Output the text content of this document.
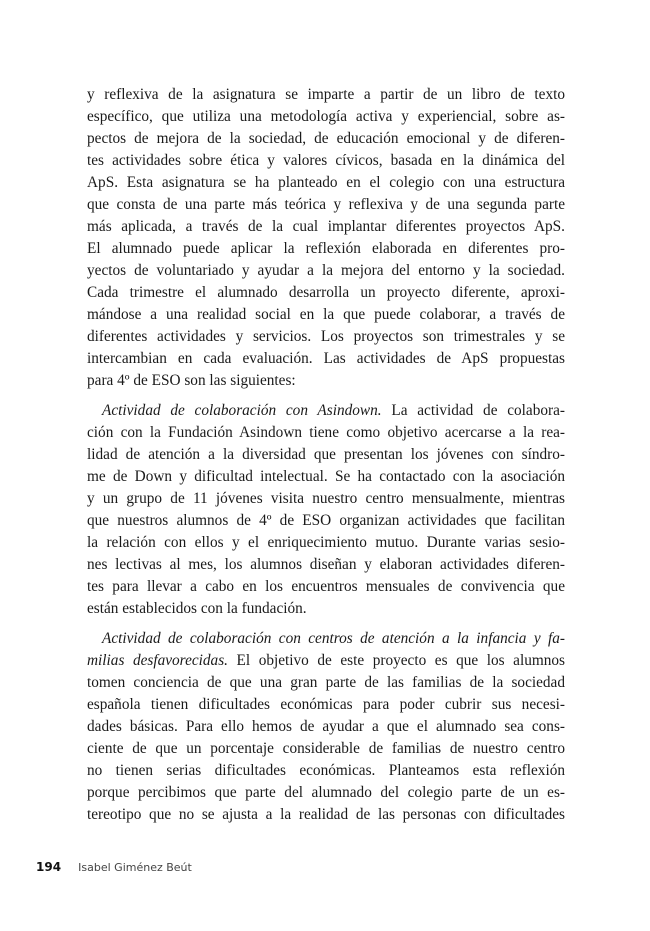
y reflexiva de la asignatura se imparte a partir de un libro de texto
específico, que utiliza una metodología activa y experiencial, sobre as-
pectos de mejora de la sociedad, de educación emocional y de diferen-
tes actividades sobre ética y valores cívicos, basada en la dinámica del
ApS. Esta asignatura se ha planteado en el colegio con una estructura
que consta de una parte más teórica y reflexiva y de una segunda parte
más aplicada, a través de la cual implantar diferentes proyectos ApS.
El alumnado puede aplicar la reflexión elaborada en diferentes pro-
yectos de voluntariado y ayudar a la mejora del entorno y la sociedad.
Cada trimestre el alumnado desarrolla un proyecto diferente, aproxi-
mándose a una realidad social en la que puede colaborar, a través de
diferentes actividades y servicios. Los proyectos son trimestrales y se
intercambian en cada evaluación. Las actividades de ApS propuestas
para 4º de ESO son las siguientes:
Actividad de colaboración con Asindown. La actividad de colabora-
ción con la Fundación Asindown tiene como objetivo acercarse a la rea-
lidad de atención a la diversidad que presentan los jóvenes con síndro-
me de Down y dificultad intelectual. Se ha contactado con la asociación
y un grupo de 11 jóvenes visita nuestro centro mensualmente, mientras
que nuestros alumnos de 4º de ESO organizan actividades que facilitan
la relación con ellos y el enriquecimiento mutuo. Durante varias sesio-
nes lectivas al mes, los alumnos diseñan y elaboran actividades diferen-
tes para llevar a cabo en los encuentros mensuales de convivencia que
están establecidos con la fundación.
Actividad de colaboración con centros de atención a la infancia y fa-
milias desfavorecidas. El objetivo de este proyecto es que los alumnos
tomen conciencia de que una gran parte de las familias de la sociedad
española tienen dificultades económicas para poder cubrir sus necesi-
dades básicas. Para ello hemos de ayudar a que el alumnado sea cons-
ciente de que un porcentaje considerable de familias de nuestro centro
no tienen serias dificultades económicas. Planteamos esta reflexión
porque percibimos que parte del alumnado del colegio parte de un es-
tereotipo que no se ajusta a la realidad de las personas con dificultades
194 Isabel Giménez Beút
